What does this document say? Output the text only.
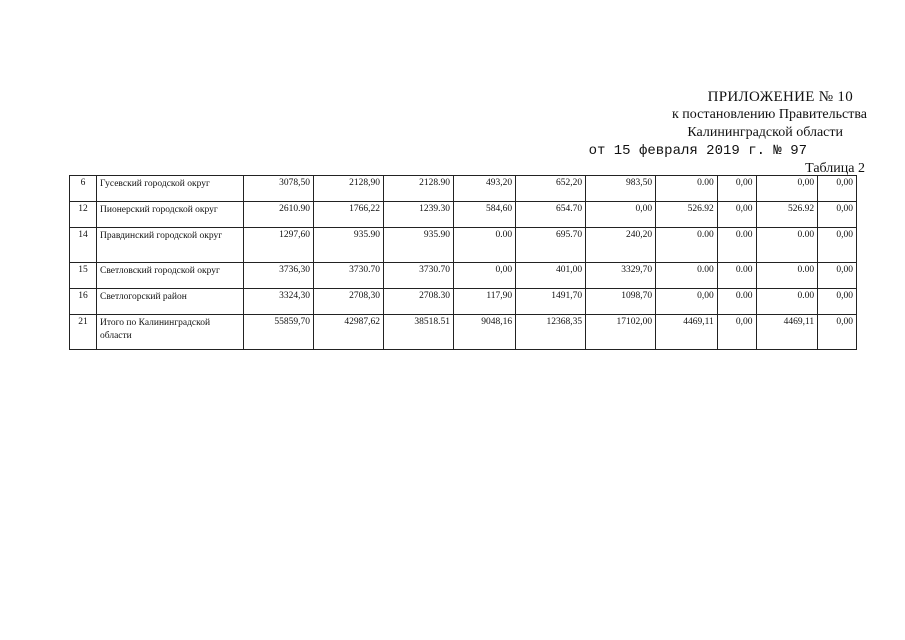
ПРИЛОЖЕНИЕ № 10
к постановлению Правительства
Калининградской области
от 15 февраля 2019 г. № 97
Таблица 2
6	Гусевский городской округ	3078,50	2128,90	2128.90	493,20	652,20	983,50	0.00	0,00	0,00	0,00
12	Пионерский городской округ	2610.90	1766,22	1239.30	584,60	654.70	0,00	526.92	0,00	526.92	0,00
14	Правдинский городской округ	1297,60	935.90	935.90	0.00	695.70	240,20	0.00	0.00	0.00	0,00
15	Светловский городской округ	3736,30	3730.70	3730.70	0,00	401,00	3329,70	0.00	0.00	0.00	0,00
16	Светлогорский район	3324,30	2708,30	2708.30	117,90	1491,70	1098,70	0,00	0.00	0.00	0,00
21	Итого по Калининградской области	55859,70	42987,62	38518.51	9048,16	12368,35	17102,00	4469,11	0,00	4469,11	0,00
